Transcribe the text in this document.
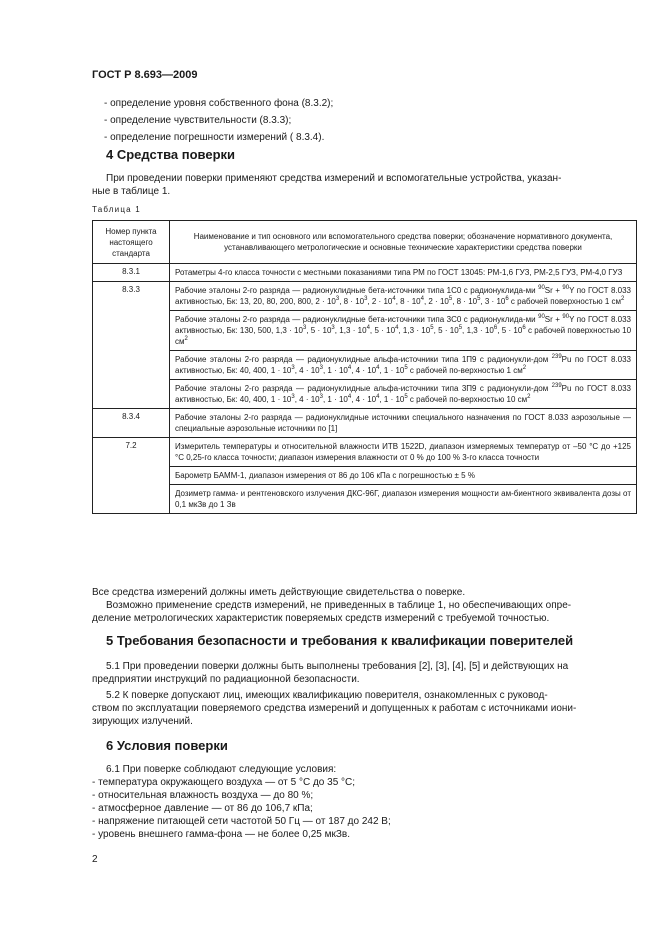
ГОСТ Р 8.693—2009
- определение уровня собственного фона (8.3.2);
- определение чувствительности (8.3.3);
- определение погрешности измерений ( 8.3.4).
4 Средства поверки
При проведении поверки применяют средства измерений и вспомогательные устройства, указан-
ные в таблице 1.
Таблица 1
Номер пункта настоящего стандарта	Наименование и тип основного или вспомогательного средства поверки; обозначение нормативного документа, устанавливающего метрологические и основные технические характеристики средства поверки
8.3.1	Ротаметры 4-го класса точности с местными показаниями типа РМ по ГОСТ 13045: РМ-1,6 ГУЗ, РМ-2,5 ГУЗ, РМ-4,0 ГУЗ
8.3.3	Рабочие эталоны 2-го разряда — радионуклидные бета-источники типа 1С0 с радионуклида-ми $^{90}$Sr + $^{90}$Y по ГОСТ 8.033 активностью, Бк: 13, 20, 80, 200, 800, $2 \cdot 10^3$, $8 \cdot 10^3$, $2 \cdot 10^4$, $8 \cdot 10^4$, $2 \cdot 10^5$, $8 \cdot 10^5$, $3 \cdot 10^6$ с рабочей поверхностью 1 $см^2$
	Рабочие эталоны 2-го разряда — радионуклидные бета-источники типа 3С0 с радионуклида-ми $^{90}$Sr + $^{90}$Y по ГОСТ 8.033 активностью, Бк: 130, 500, $1,3 \cdot 10^3$, $5 \cdot 10^3$, $1,3 \cdot 10^4$, $5 \cdot 10^4$, $1,3 \cdot 10^5$, $5 \cdot 10^5$, $1,3 \cdot 10^6$, $5 \cdot 10^6$ с рабочей поверхностью 10 $см^2$
	Рабочие эталоны 2-го разряда — радионуклидные альфа-источники типа 1П9 с радионукли-дом $^{239}$Pu по ГОСТ 8.033 активностью, Бк: 40, 400, $1 \cdot 10^3$, $4 \cdot 10^3$, $1 \cdot 10^4$, $4 \cdot 10^4$, $1 \cdot 10^5$ с рабочей по-верхностью 1 $см^2$
	Рабочие эталоны 2-го разряда — радионуклидные альфа-источники типа 3П9 с радионукли-дом $^{239}$Pu по ГОСТ 8.033 активностью, Бк: 40, 400, $1 \cdot 10^3$, $4 \cdot 10^3$, $1 \cdot 10^4$, $4 \cdot 10^4$, $1 \cdot 10^5$ с рабочей по-верхностью 10 $см^2$
8.3.4	Рабочие эталоны 2-го разряда — радионуклидные источники специального назначения по ГОСТ 8.033 аэрозольные — специальные аэрозольные источники по [1]
7.2	Измеритель температуры и относительной влажности ИТВ 1522D, диапазон измеряемых температур от –50 °С до +125 °С 0,25-го класса точности; диапазон измерения влажности от 0 % до 100 % 3-го класса точности
	Барометр БАММ-1, диапазон измерения от 86 до 106 кПа с погрешностью ± 5 %
	Дозиметр гамма- и рентгеновского излучения ДКС-96Г, диапазон измерения мощности ам-биентного эквивалента дозы от 0,1 мкЗв до 1 Зв
Все средства измерений должны иметь действующие свидетельства о поверке.
Возможно применение средств измерений, не приведенных в таблице 1, но обеспечивающих опре-
деление метрологических характеристик поверяемых средств измерений с требуемой точностью.
5 Требования безопасности и требования к квалификации поверителей
5.1 При проведении поверки должны быть выполнены требования [2], [3], [4], [5] и действующих на
предприятии инструкций по радиационной безопасности.
5.2 К поверке допускают лиц, имеющих квалификацию поверителя, ознакомленных с руковод-
ством по эксплуатации поверяемого средства измерений и допущенных к работам с источниками иони-
зирующих излучений.
6 Условия поверки
6.1 При поверке соблюдают следующие условия:
- температура окружающего воздуха — от 5 °С до 35 °С;
- относительная влажность воздуха — до 80 %;
- атмосферное давление — от 86 до 106,7 кПа;
- напряжение питающей сети частотой 50 Гц — от 187 до 242 В;
- уровень внешнего гамма-фона — не более 0,25 мкЗв.
2
